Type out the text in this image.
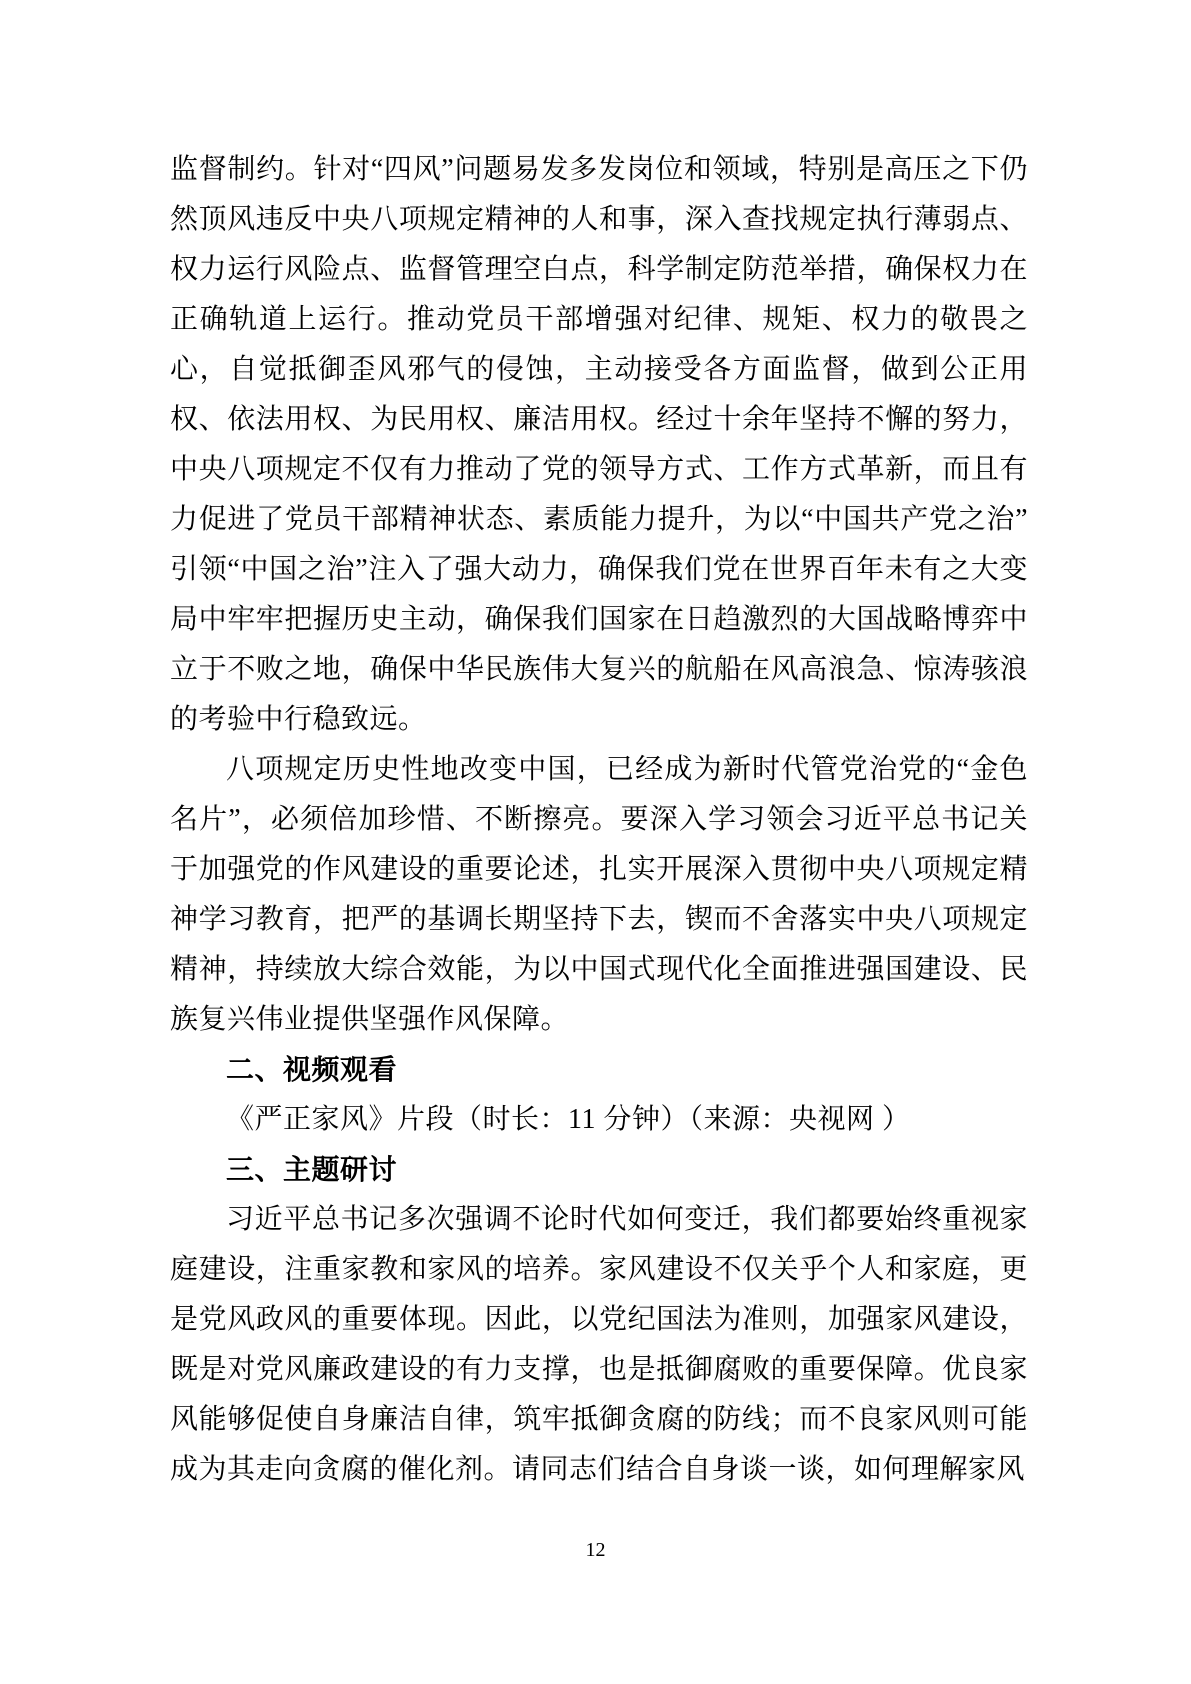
监督制约。针对“四风”问题易发多发岗位和领域，特别是高压之下仍然顶风违反中央八项规定精神的人和事，深入查找规定执行薄弱点、权力运行风险点、监督管理空白点，科学制定防范举措，确保权力在正确轨道上运行。推动党员干部增强对纪律、规矩、权力的敬畏之心，自觉抵御歪风邪气的侵蚀，主动接受各方面监督，做到公正用权、依法用权、为民用权、廉洁用权。经过十余年坚持不懈的努力，中央八项规定不仅有力推动了党的领导方式、工作方式革新，而且有力促进了党员干部精神状态、素质能力提升，为以“中国共产党之治”引领“中国之治”注入了强大动力，确保我们党在世界百年未有之大变局中牢牢把握历史主动，确保我们国家在日趋激烈的大国战略博弈中立于不败之地，确保中华民族伟大复兴的航船在风高浪急、惊涛骇浪的考验中行稳致远。

八项规定历史性地改变中国，已经成为新时代管党治党的“金色名片”，必须倍加珍惜、不断擦亮。要深入学习领会习近平总书记关于加强党的作风建设的重要论述，扎实开展深入贯彻中央八项规定精神学习教育，把严的基调长期坚持下去，锲而不舍落实中央八项规定精神，持续放大综合效能，为以中国式现代化全面推进强国建设、民族复兴伟业提供坚强作风保障。

二、视频观看

《严正家风》片段（时长：11 分钟）（来源：央视网 ）

三、主题研讨

习近平总书记多次强调不论时代如何变迁，我们都要始终重视家庭建设，注重家教和家风的培养。家风建设不仅关乎个人和家庭，更是党风政风的重要体现。因此，以党纪国法为准则，加强家风建设，既是对党风廉政建设的有力支撑，也是抵御腐败的重要保障。优良家风能够促使自身廉洁自律，筑牢抵御贪腐的防线；而不良家风则可能成为其走向贪腐的催化剂。请同志们结合自身谈一谈，如何理解家风

12
